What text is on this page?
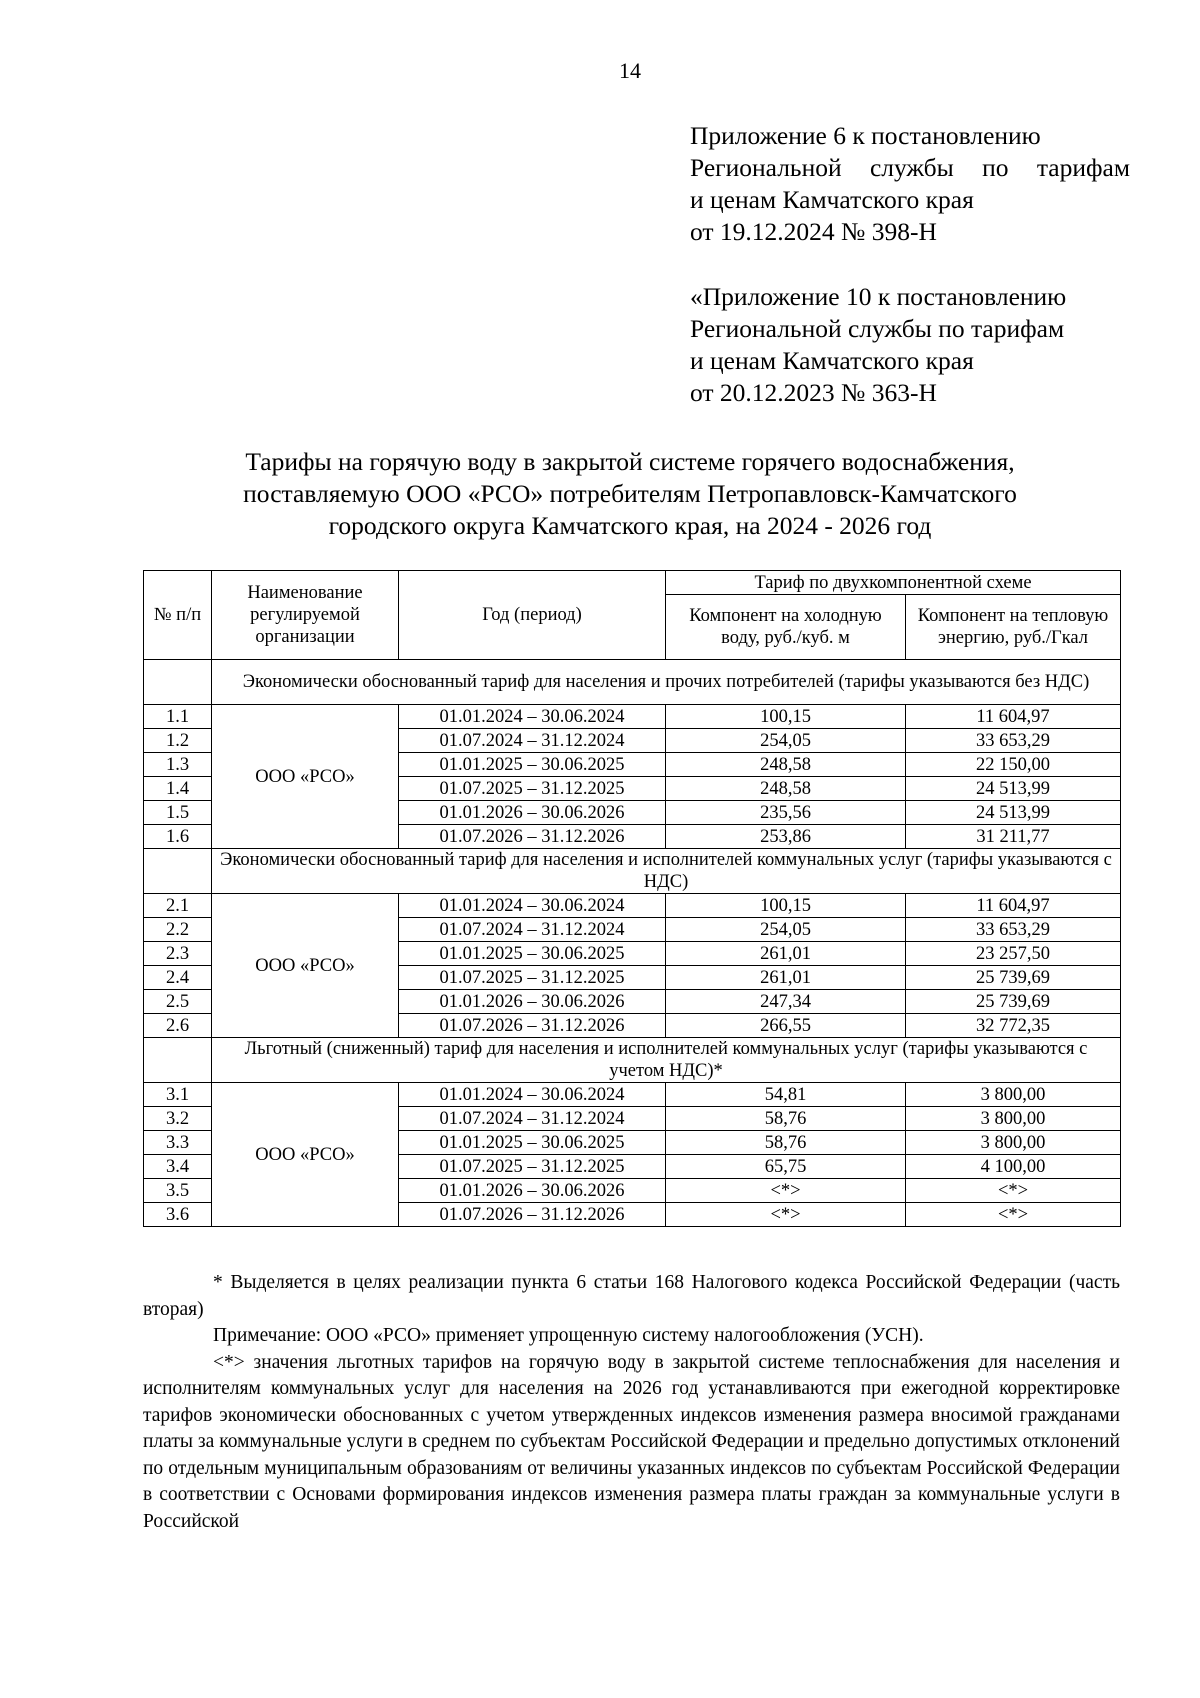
14
Приложение 6 к постановлению
Региональной службы по тарифам
и ценам Камчатского края
от 19.12.2024 № 398-Н
«Приложение 10 к постановлению
Региональной службы по тарифам
и ценам Камчатского края
от 20.12.2023 № 363-Н
Тарифы на горячую воду в закрытой системе горячего водоснабжения,
поставляемую ООО «РСО» потребителям Петропавловск-Камчатского
городского округа Камчатского края, на 2024 - 2026 год
№ п/п	Наименование регулируемой организации	Год (период)	Тариф по двухкомпонентной схеме	
			Компонент на холодную воду, руб./куб. м	Компонент на тепловую энергию, руб./Гкал
	Экономически обоснованный тариф для населения и прочих потребителей (тарифы указываются без НДС)			
1.1	ООО «РСО»	01.01.2024 – 30.06.2024	100,15	11 604,97
1.2		01.07.2024 – 31.12.2024	254,05	33 653,29
1.3		01.01.2025 – 30.06.2025	248,58	22 150,00
1.4		01.07.2025 – 31.12.2025	248,58	24 513,99
1.5		01.01.2026 – 30.06.2026	235,56	24 513,99
1.6		01.07.2026 – 31.12.2026	253,86	31 211,77
	Экономически обоснованный тариф для населения и исполнителей коммунальных услуг (тарифы указываются с НДС)			
2.1	ООО «РСО»	01.01.2024 – 30.06.2024	100,15	11 604,97
2.2		01.07.2024 – 31.12.2024	254,05	33 653,29
2.3		01.01.2025 – 30.06.2025	261,01	23 257,50
2.4		01.07.2025 – 31.12.2025	261,01	25 739,69
2.5		01.01.2026 – 30.06.2026	247,34	25 739,69
2.6		01.07.2026 – 31.12.2026	266,55	32 772,35
	Льготный (сниженный) тариф для населения и исполнителей коммунальных услуг (тарифы указываются с учетом НДС)*			
3.1	ООО «РСО»	01.01.2024 – 30.06.2024	54,81	3 800,00
3.2		01.07.2024 – 31.12.2024	58,76	3 800,00
3.3		01.01.2025 – 30.06.2025	58,76	3 800,00
3.4		01.07.2025 – 31.12.2025	65,75	4 100,00
3.5		01.01.2026 – 30.06.2026	<*>	<*>
3.6		01.07.2026 – 31.12.2026	<*>	<*>

* Выделяется в целях реализации пункта 6 статьи 168 Налогового кодекса Российской Федерации (часть вторая)

Примечание: ООО «РСО» применяет упрощенную систему налогообложения (УСН).

<*> значения льготных тарифов на горячую воду в закрытой системе теплоснабжения для населения и исполнителям коммунальных услуг для населения на 2026 год устанавливаются при ежегодной корректировке тарифов экономически обоснованных с учетом утвержденных индексов изменения размера вносимой гражданами платы за коммунальные услуги в среднем по субъектам Российской Федерации и предельно допустимых отклонений по отдельным муниципальным образованиям от величины указанных индексов по субъектам Российской Федерации в соответствии с Основами формирования индексов изменения размера платы граждан за коммунальные услуги в Российской
